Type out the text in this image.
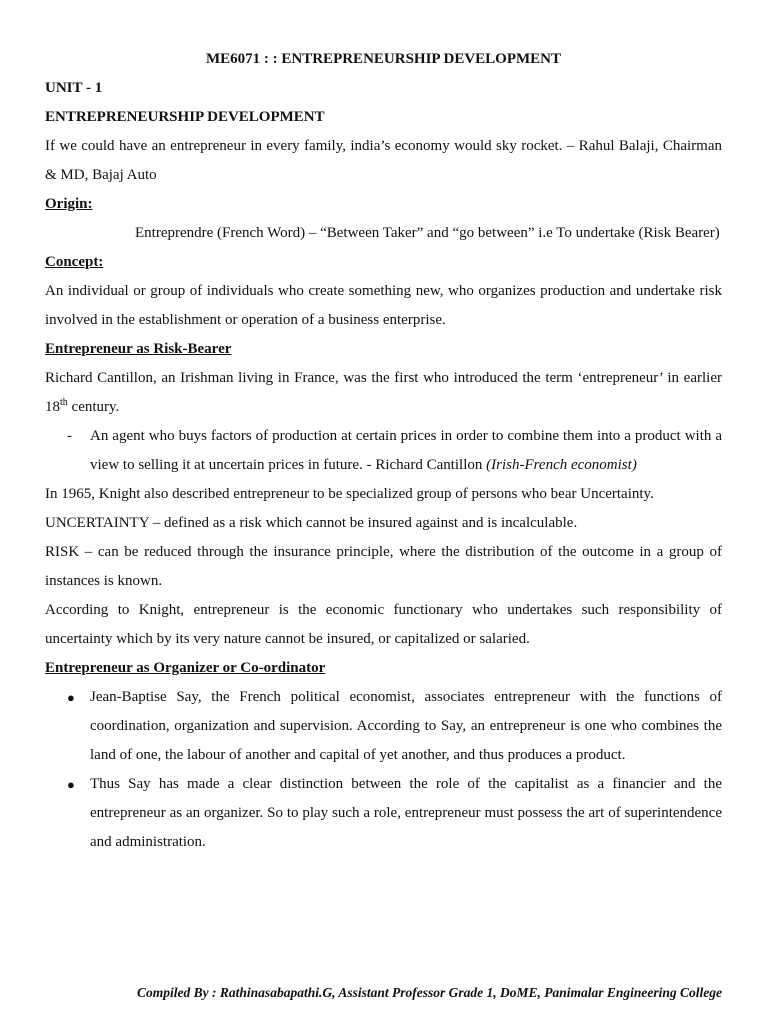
ME6071 : : ENTREPRENEURSHIP DEVELOPMENT

UNIT - 1

ENTREPRENEURSHIP DEVELOPMENT

If we could have an entrepreneur in every family, india’s economy would sky rocket. – Rahul Balaji, Chairman & MD, Bajaj Auto

Origin:

Entreprendre (French Word) – “Between Taker” and “go between” i.e To undertake (Risk Bearer)

Concept:

An individual or group of individuals who create something new, who organizes production and undertake risk involved in the establishment or operation of a business enterprise.

Entrepreneur as Risk-Bearer

Richard Cantillon, an Irishman living in France, was the first who introduced the term ‘entrepreneur’ in earlier 18th century.

-	An agent who buys factors of production at certain prices in order to combine them into a product with a view to selling it at uncertain prices in future. - Richard Cantillon (Irish-French economist)

In 1965, Knight also described entrepreneur to be specialized group of persons who bear Uncertainty.

UNCERTAINTY – defined as a risk which cannot be insured against and is incalculable.

RISK – can be reduced through the insurance principle, where the distribution of the outcome in a group of instances is known.

According to Knight, entrepreneur is the economic functionary who undertakes such responsibility of uncertainty which by its very nature cannot be insured, or capitalized or salaried.

Entrepreneur as Organizer or Co-ordinator

●	Jean-Baptise Say, the French political economist, associates entrepreneur with the functions of coordination, organization and supervision. According to Say, an entrepreneur is one who combines the land of one, the labour of another and capital of yet another, and thus produces a product.
●	Thus Say has made a clear distinction between the role of the capitalist as a financier and the entrepreneur as an organizer. So to play such a role, entrepreneur must possess the art of superintendence and administration.
Compiled By : Rathinasabapathi.G, Assistant Professor Grade 1, DoME, Panimalar Engineering College
